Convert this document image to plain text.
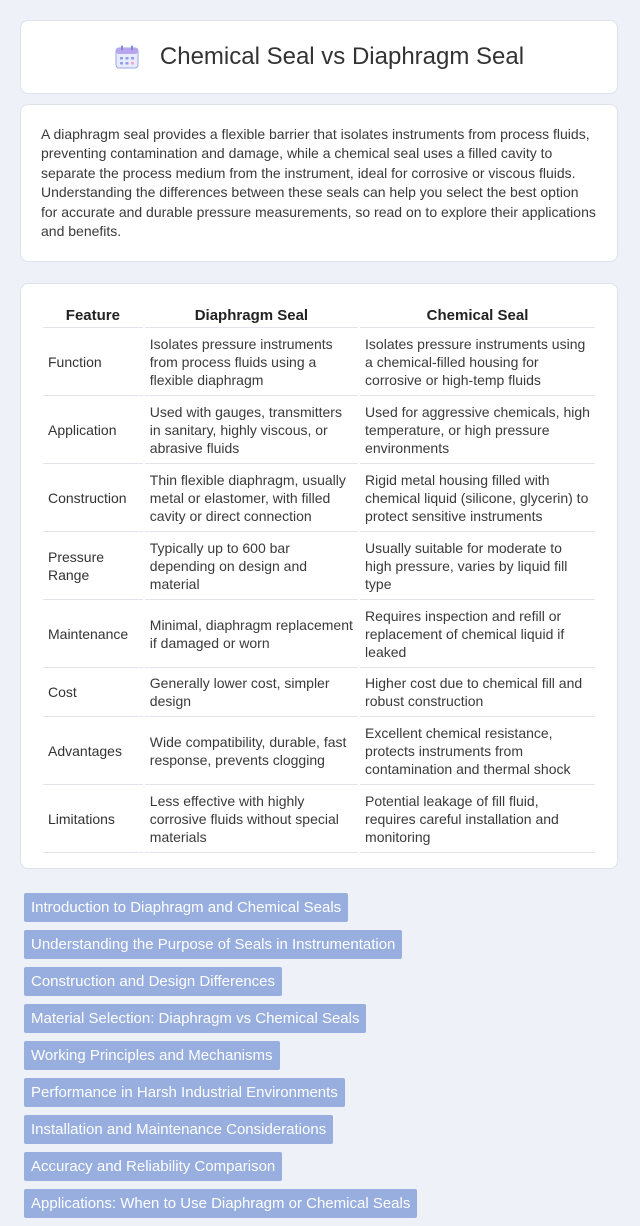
Chemical Seal vs Diaphragm Seal

A diaphragm seal provides a flexible barrier that isolates instruments from process fluids, preventing contamination and damage, while a chemical seal uses a filled cavity to separate the process medium from the instrument, ideal for corrosive or viscous fluids. Understanding the differences between these seals can help you select the best option for accurate and durable pressure measurements, so read on to explore their applications and benefits.

Feature	Diaphragm Seal	Chemical Seal
Function	Isolates pressure instruments from process fluids using a flexible diaphragm	Isolates pressure instruments using a chemical-filled housing for corrosive or high-temp fluids
Application	Used with gauges, transmitters in sanitary, highly viscous, or abrasive fluids	Used for aggressive chemicals, high temperature, or high pressure environments
Construction	Thin flexible diaphragm, usually metal or elastomer, with filled cavity or direct connection	Rigid metal housing filled with chemical liquid (silicone, glycerin) to protect sensitive instruments
Pressure Range	Typically up to 600 bar depending on design and material	Usually suitable for moderate to high pressure, varies by liquid fill type
Maintenance	Minimal, diaphragm replacement if damaged or worn	Requires inspection and refill or replacement of chemical liquid if leaked
Cost	Generally lower cost, simpler design	Higher cost due to chemical fill and robust construction
Advantages	Wide compatibility, durable, fast response, prevents clogging	Excellent chemical resistance, protects instruments from contamination and thermal shock
Limitations	Less effective with highly corrosive fluids without special materials	Potential leakage of fill fluid, requires careful installation and monitoring
Introduction to Diaphragm and Chemical Seals
Understanding the Purpose of Seals in Instrumentation
Construction and Design Differences
Material Selection: Diaphragm vs Chemical Seals
Working Principles and Mechanisms
Performance in Harsh Industrial Environments
Installation and Maintenance Considerations
Accuracy and Reliability Comparison
Applications: When to Use Diaphragm or Chemical Seals
